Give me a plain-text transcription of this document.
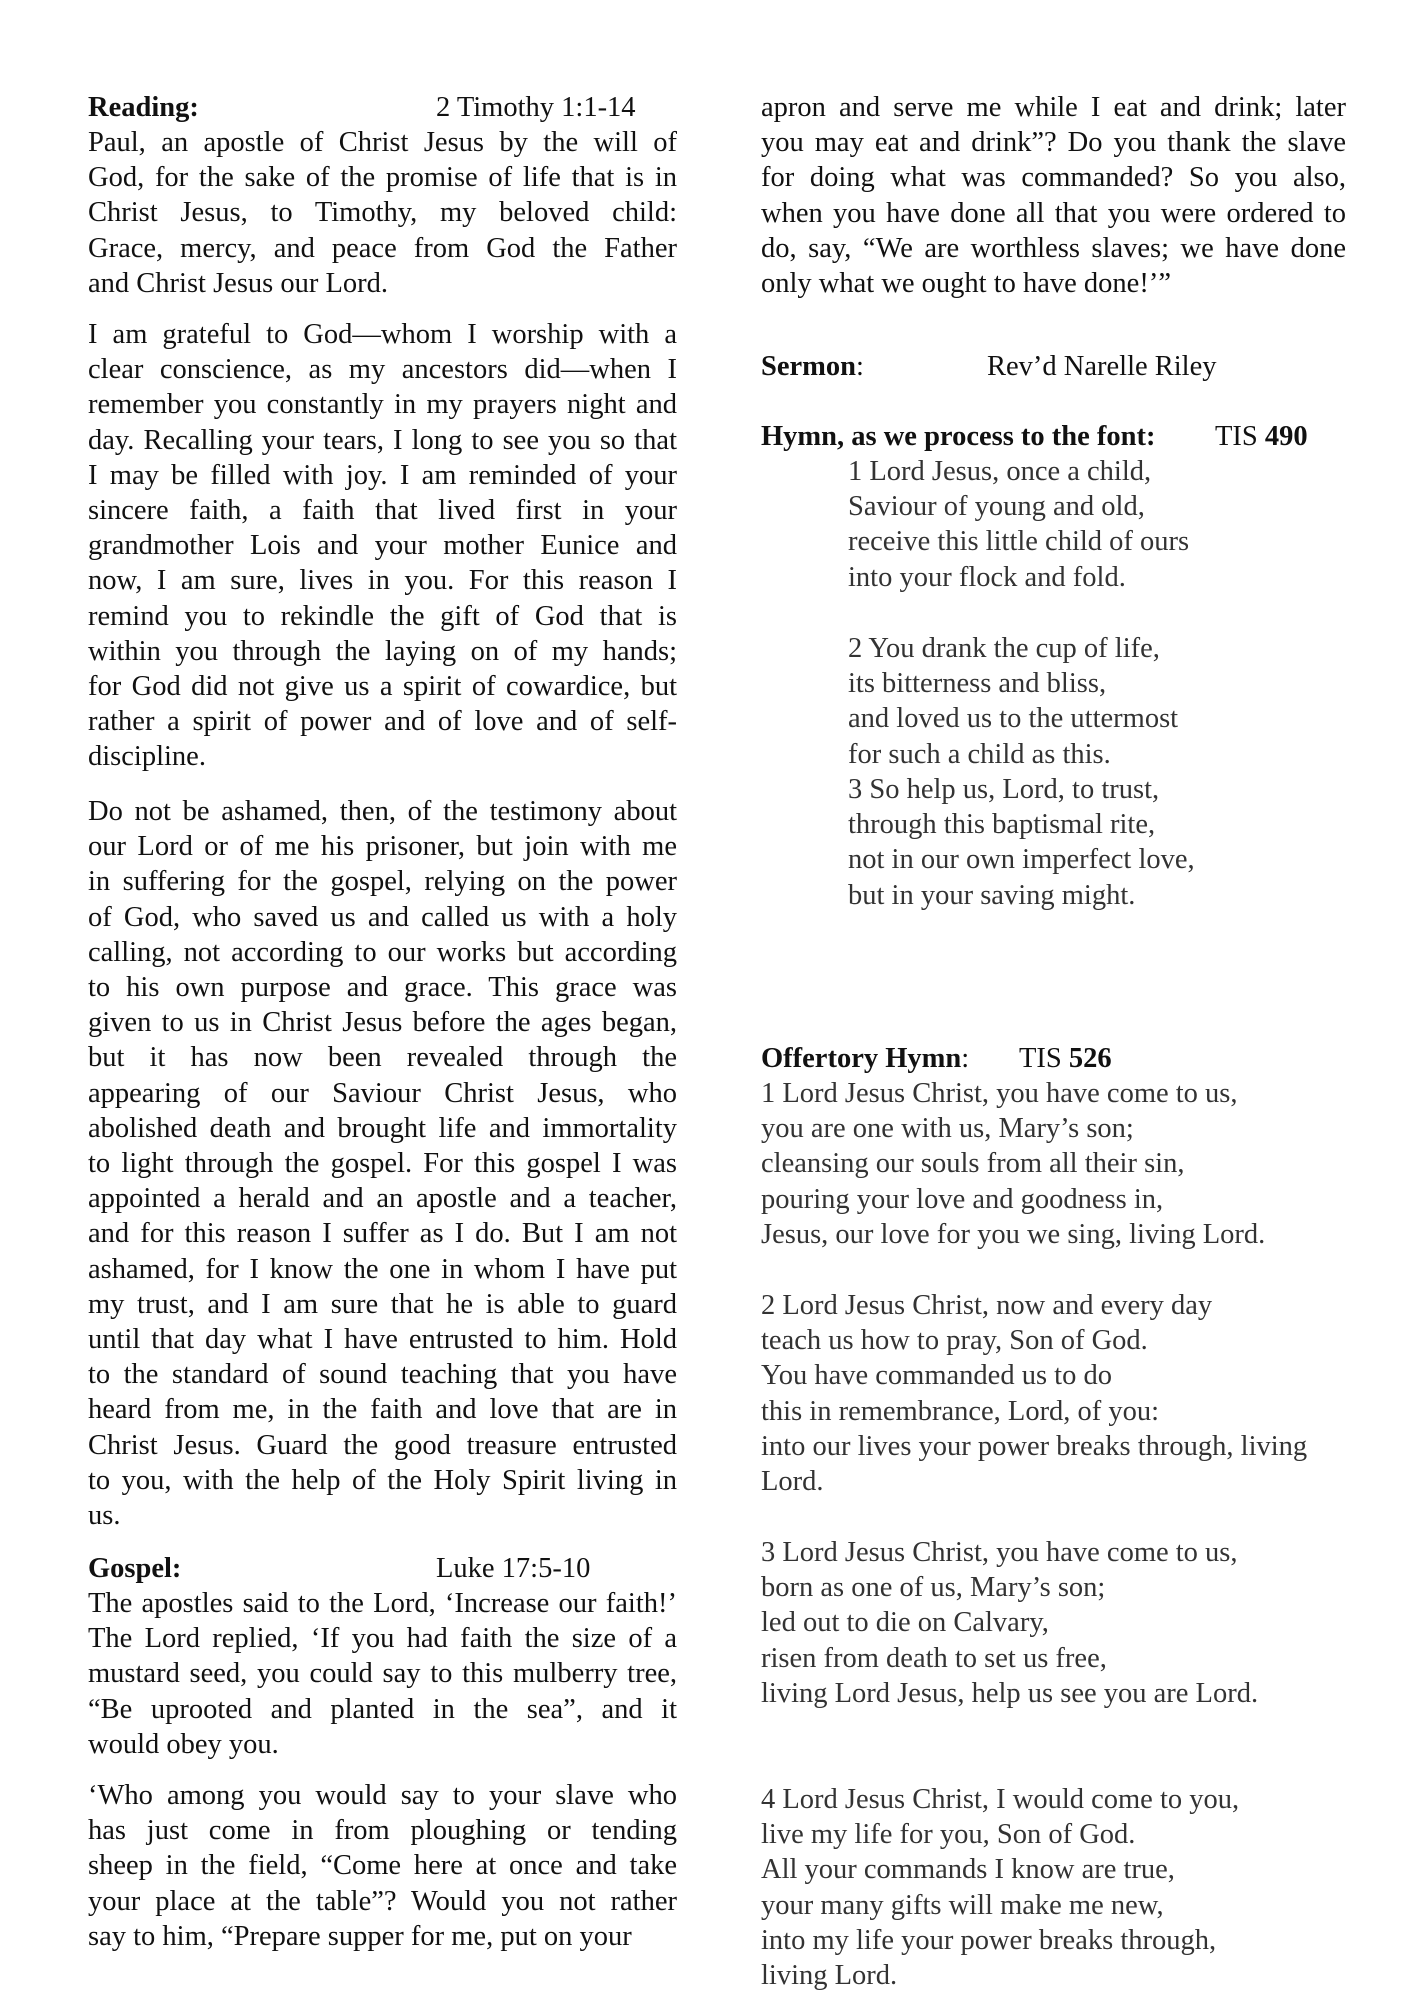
Reading:	2 Timothy 1:1-14
Paul, an apostle of Christ Jesus by the will of
God, for the sake of the promise of life that is in
Christ Jesus, to Timothy, my beloved child:
Grace, mercy, and peace from God the Father
and Christ Jesus our Lord.
I am grateful to God—whom I worship with a
clear conscience, as my ancestors did—when I
remember you constantly in my prayers night and
day. Recalling your tears, I long to see you so that
I may be filled with joy. I am reminded of your
sincere faith, a faith that lived first in your
grandmother Lois and your mother Eunice and
now, I am sure, lives in you. For this reason I
remind you to rekindle the gift of God that is
within you through the laying on of my hands;
for God did not give us a spirit of cowardice, but
rather a spirit of power and of love and of self-
discipline.
Do not be ashamed, then, of the testimony about
our Lord or of me his prisoner, but join with me
in suffering for the gospel, relying on the power
of God, who saved us and called us with a holy
calling, not according to our works but according
to his own purpose and grace. This grace was
given to us in Christ Jesus before the ages began,
but it has now been revealed through the
appearing of our Saviour Christ Jesus, who
abolished death and brought life and immortality
to light through the gospel. For this gospel I was
appointed a herald and an apostle and a teacher,
and for this reason I suffer as I do. But I am not
ashamed, for I know the one in whom I have put
my trust, and I am sure that he is able to guard
until that day what I have entrusted to him. Hold
to the standard of sound teaching that you have
heard from me, in the faith and love that are in
Christ Jesus. Guard the good treasure entrusted
to you, with the help of the Holy Spirit living in
us.
Gospel:	Luke 17:5-10
The apostles said to the Lord, ‘Increase our faith!’
The Lord replied, ‘If you had faith the size of a
mustard seed, you could say to this mulberry tree,
“Be uprooted and planted in the sea”, and it
would obey you.
‘Who among you would say to your slave who
has just come in from ploughing or tending
sheep in the field, “Come here at once and take
your place at the table”? Would you not rather
say to him, “Prepare supper for me, put on your
apron and serve me while I eat and drink; later
you may eat and drink”? Do you thank the slave
for doing what was commanded? So you also,
when you have done all that you were ordered to
do, say, “We are worthless slaves; we have done
only what we ought to have done!’”
Sermon:	Rev’d Narelle Riley
Hymn, as we process to the font: TIS 490
1 Lord Jesus, once a child,
Saviour of young and old,
receive this little child of ours
into your flock and fold.
2 You drank the cup of life,
its bitterness and bliss,
and loved us to the uttermost
for such a child as this.
3 So help us, Lord, to trust,
through this baptismal rite,
not in our own imperfect love,
but in your saving might.
Offertory Hymn: TIS 526
1 Lord Jesus Christ, you have come to us,
you are one with us, Mary’s son;
cleansing our souls from all their sin,
pouring your love and goodness in,
Jesus, our love for you we sing, living Lord.
2 Lord Jesus Christ, now and every day
teach us how to pray, Son of God.
You have commanded us to do
this in remembrance, Lord, of you:
into our lives your power breaks through, living
Lord.
3 Lord Jesus Christ, you have come to us,
born as one of us, Mary’s son;
led out to die on Calvary,
risen from death to set us free,
living Lord Jesus, help us see you are Lord.
4 Lord Jesus Christ, I would come to you,
live my life for you, Son of God.
All your commands I know are true,
your many gifts will make me new,
into my life your power breaks through,
living Lord.
